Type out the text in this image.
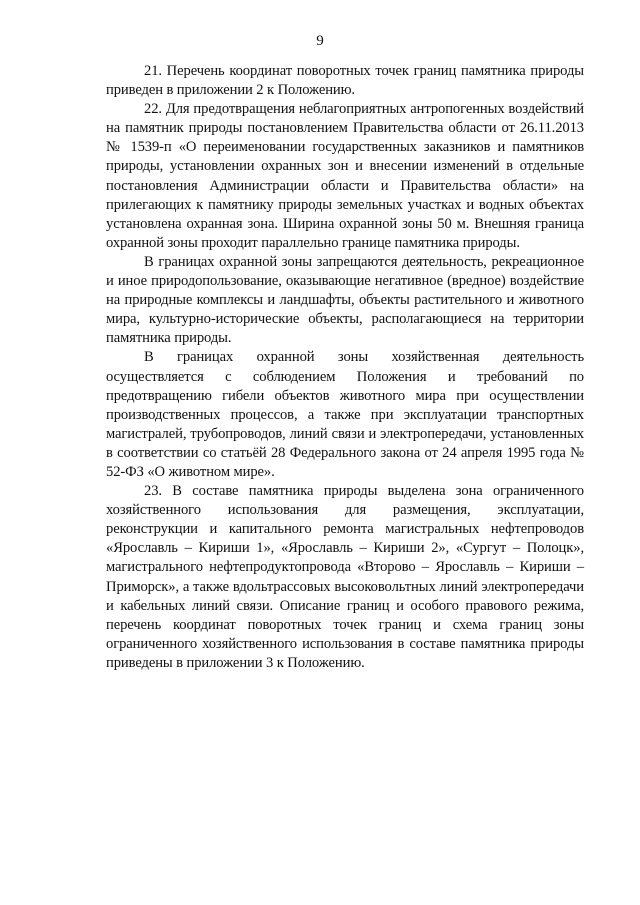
9

21. Перечень координат поворотных точек границ памятника природы приведен в приложении 2 к Положению.

22. Для предотвращения неблагоприятных антропогенных воздействий на памятник природы постановлением Правительства области от 26.11.2013 № 1539-п «О переименовании государственных заказников и памятников природы, установлении охранных зон и внесении изменений в отдельные постановления Администрации области и Правительства области» на прилегающих к памятнику природы земельных участках и водных объектах установлена охранная зона. Ширина охранной зоны 50 м. Внешняя граница охранной зоны проходит параллельно границе памятника природы.

В границах охранной зоны запрещаются деятельность, рекреационное и иное природопользование, оказывающие негативное (вредное) воздействие на природные комплексы и ландшафты, объекты растительного и животного мира, культурно-исторические объекты, располагающиеся на территории памятника природы.

В границах охранной зоны хозяйственная деятельность осуществляется с соблюдением Положения и требований по предотвращению гибели объектов животного мира при осуществлении производственных процессов, а также при эксплуатации транспортных магистралей, трубопроводов, линий связи и электропередачи, установленных в соответствии со статьёй 28 Федерального закона от 24 апреля 1995 года № 52-ФЗ «О животном мире».

23. В составе памятника природы выделена зона ограниченного хозяйственного использования для размещения, эксплуатации, реконструкции и капитального ремонта магистральных нефтепроводов «Ярославль – Кириши 1», «Ярославль – Кириши 2», «Сургут – Полоцк», магистрального нефтепродуктопровода «Второво – Ярославль – Кириши – Приморск», а также вдольтрассовых высоковольтных линий электропередачи и кабельных линий связи. Описание границ и особого правового режима, перечень координат поворотных точек границ и схема границ зоны ограниченного хозяйственного использования в составе памятника природы приведены в приложении 3 к Положению.
